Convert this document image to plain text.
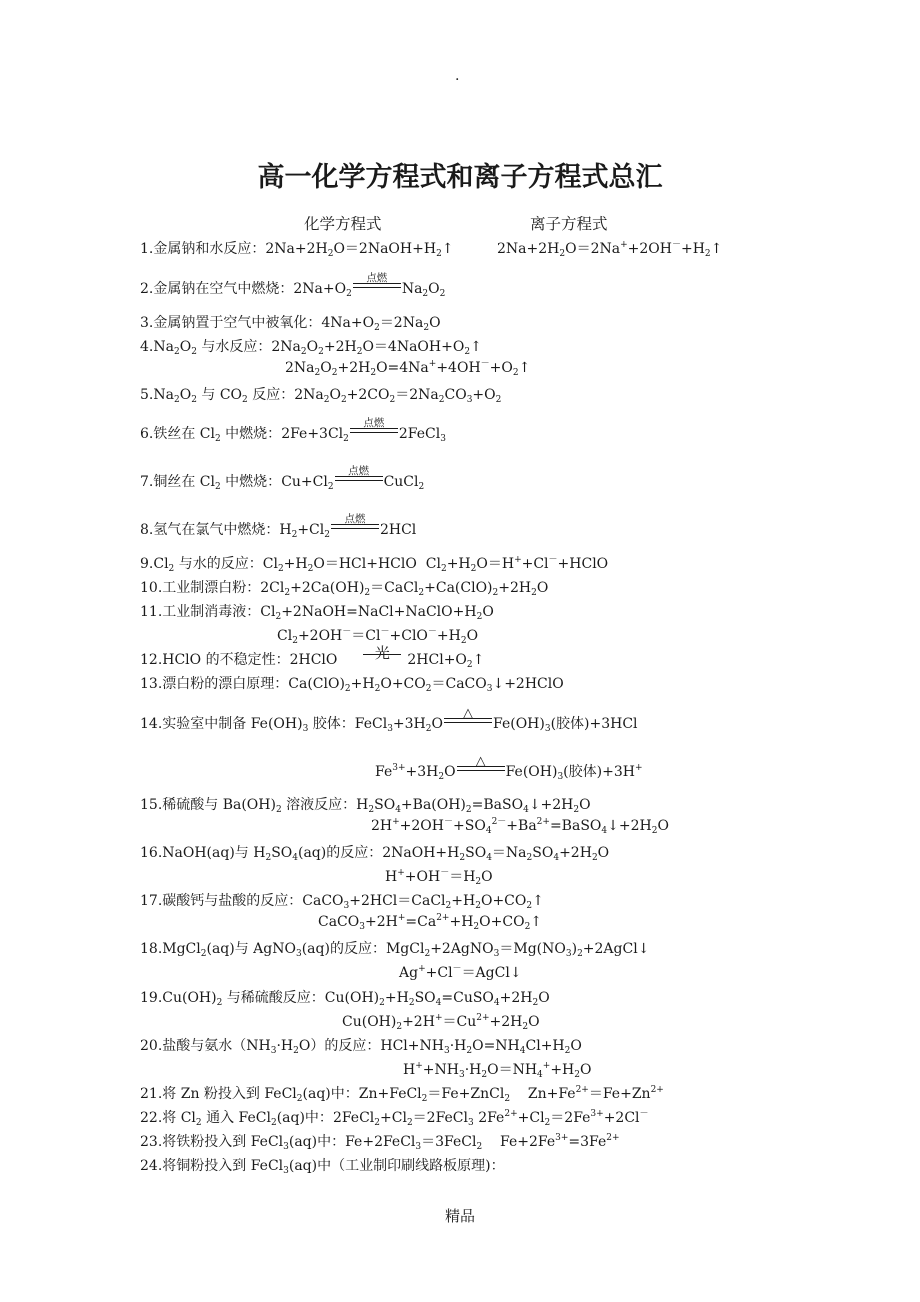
.
高一化学方程式和离子方程式总汇
化学方程式	离子方程式
1.金属钠和水反应：$2Na+2H_2O=2NaOH+H_2↑$	$2Na+2H_2O=2Na^++2OH^-+H_2↑$
2.金属钠在空气中燃烧：$2Na+O_2$
点燃
$Na_2O_2$
3.金属钠置于空气中被氧化：$4Na+O_2=2Na_2O$
$4.Na_2O_2$ 与水反应：$2Na_2O_2+2H_2O=4NaOH+O_2↑$
$2Na_2O_2+2H_2O=4Na^++4OH^-+O_2↑$
$5.Na_2O_2$ 与 $CO_2$ 反应：$2Na_2O_2+2CO_2=2Na_2CO_3+O_2$
6.铁丝在 $Cl_2$ 中燃烧：$2Fe+3Cl_2$
点燃
2FeCl$_3$
7.铜丝在 $Cl_2$ 中燃烧：$Cu+Cl_2$
点燃
CuCl$_2$
8.氢气在氯气中燃烧：$H_2+Cl_2$
点燃
2HCl
$9.Cl_2$ 与水的反应：$Cl_2+H_2O=HCl+HClO$ $Cl_2+H_2O=H^++Cl^-+HClO$
10.工业制漂白粉：$2Cl_2+2Ca(OH)_2=CaCl_2+Ca(ClO)_2+2H_2O$
11.工业制消毒液：$Cl_2+2NaOH=NaCl+NaClO+H_2O$
$Cl_2+2OH^-=Cl^-+ClO^-+H_2O$
12.HClO 的不稳定性：2HClO	光	$2HCl+O_2↑$
13.漂白粉的漂白原理：$Ca(ClO)_2+H_2O+CO_2=CaCO_3↓+2HClO$
14.实验室中制备 $Fe(OH)_3$ 胶体：$FeCl_3+3H_2O$
△
$Fe(OH)_3$(胶体)+3HCl
$Fe^{3+}+3H_2O$
△
$Fe(OH)_3$(胶体)+3H+
15.稀硫酸与 $Ba(OH)_2$ 溶液反应：$H_2SO_4+Ba(OH)_2=BaSO_4↓+2H_2O$
$2H^++2OH^-+SO_4^{2-}+Ba^{2+}=BaSO_4↓+2H_2O$
16.NaOH(aq)与 $H_2SO_4(aq)$的反应：$2NaOH+H_2SO_4=Na_2SO_4+2H_2O$
$H^++OH^-=H_2O$
17.碳酸钙与盐酸的反应：$CaCO_3+2HCl=CaCl_2+H_2O+CO_2↑$
$CaCO_3+2H^+=Ca^{2+}+H_2O+CO_2↑$
18.MgCl$_2$(aq)与 AgNO$_3$(aq)的反应：$MgCl_2+2AgNO_3=Mg(NO_3)_2+2AgCl↓$
Ag++Cl－＝AgCl↓
$19.Cu(OH)_2$ 与稀硫酸反应：$Cu(OH)_2+H_2SO_4=CuSO_4+2H_2O$
$Cu(OH)_2+2H^+=Cu^{2+}+2H_2O$
20.盐酸与氨水$(NH_3\cdot H_2O)$的反应：$HCl+NH_3\cdot H_2O=NH_4Cl+H_2O$
$H^++NH_3\cdot H_2O=NH_4^++H_2O$
21.将 Zn 粉投入到 FeCl$_2$(aq)中：Zn+FeCl$_2$＝Fe+ZnCl$_2$ $Zn+Fe^{2+}=Fe+Zn^{2+}$
22.将 $Cl_2$ 通入 FeCl$_2$(aq)中：$2FeCl_2+Cl_2=2FeCl_3$ $2Fe^{2+}+Cl_2=2Fe^{3+}+2Cl^-$
23.将铁粉投入到 FeCl$_3$(aq)中：Fe+2FeCl$_3$＝3FeCl$_2$ $Fe+2Fe^{3+}=3Fe^{2+}$
24.将铜粉投入到 FeCl$_3$(aq)中（工业制印刷线路板原理)：
精品
